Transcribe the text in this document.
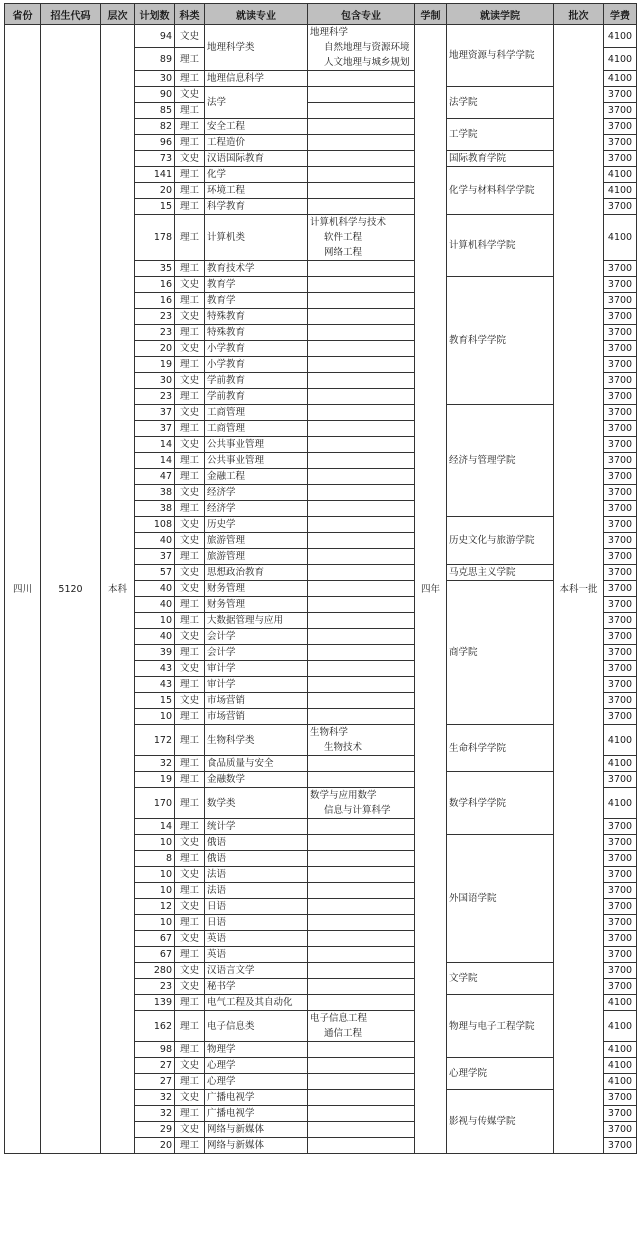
省份	招生代码	层次	计划数	科类	就读专业	包含专业	学制	就读学院	批次	学费
四川	5120	本科	94	文史	地理科学类	地理科学
自然地理与资源环境
人文地理与城乡规划	四年	地理资源与科学学院	本科一批	4100
			89	理工						4100
			30	理工	地理信息科学					4100
			90	文史	法学			法学院		3700
			85	理工						3700
			82	理工	安全工程			工学院		3700
			96	理工	工程造价					3700
			73	文史	汉语国际教育			国际教育学院		3700
			141	理工	化学			化学与材料科学学院		4100
			20	理工	环境工程					4100
			15	理工	科学教育					3700
			178	理工	计算机类	计算机科学与技术
软件工程
网络工程		计算机科学学院		4100
			35	理工	教育技术学					3700
			16	文史	教育学			教育科学学院		3700
			16	理工	教育学					3700
			23	文史	特殊教育					3700
			23	理工	特殊教育					3700
			20	文史	小学教育					3700
			19	理工	小学教育					3700
			30	文史	学前教育					3700
			23	理工	学前教育					3700
			37	文史	工商管理			经济与管理学院		3700
			37	理工	工商管理					3700
			14	文史	公共事业管理					3700
			14	理工	公共事业管理					3700
			47	理工	金融工程					3700
			38	文史	经济学					3700
			38	理工	经济学					3700
			108	文史	历史学			历史文化与旅游学院		3700
			40	文史	旅游管理					3700
			37	理工	旅游管理					3700
			57	文史	思想政治教育			马克思主义学院		3700
			40	文史	财务管理			商学院		3700
			40	理工	财务管理					3700
			10	理工	大数据管理与应用					3700
			40	文史	会计学					3700
			39	理工	会计学					3700
			43	文史	审计学					3700
			43	理工	审计学					3700
			15	文史	市场营销					3700
			10	理工	市场营销					3700
			172	理工	生物科学类	生物科学
生物技术		生命科学学院		4100
			32	理工	食品质量与安全					4100
			19	理工	金融数学			数学科学学院		3700
			170	理工	数学类	数学与应用数学
信息与计算科学				4100
			14	理工	统计学					3700
			10	文史	俄语			外国语学院		3700
			8	理工	俄语					3700
			10	文史	法语					3700
			10	理工	法语					3700
			12	文史	日语					3700
			10	理工	日语					3700
			67	文史	英语					3700
			67	理工	英语					3700
			280	文史	汉语言文学			文学院		3700
			23	文史	秘书学					3700
			139	理工	电气工程及其自动化			物理与电子工程学院		4100
			162	理工	电子信息类	电子信息工程
通信工程				4100
			98	理工	物理学					4100
			27	文史	心理学			心理学院		4100
			27	理工	心理学					4100
			32	文史	广播电视学			影视与传媒学院		3700
			32	理工	广播电视学					3700
			29	文史	网络与新媒体					3700
			20	理工	网络与新媒体					3700
